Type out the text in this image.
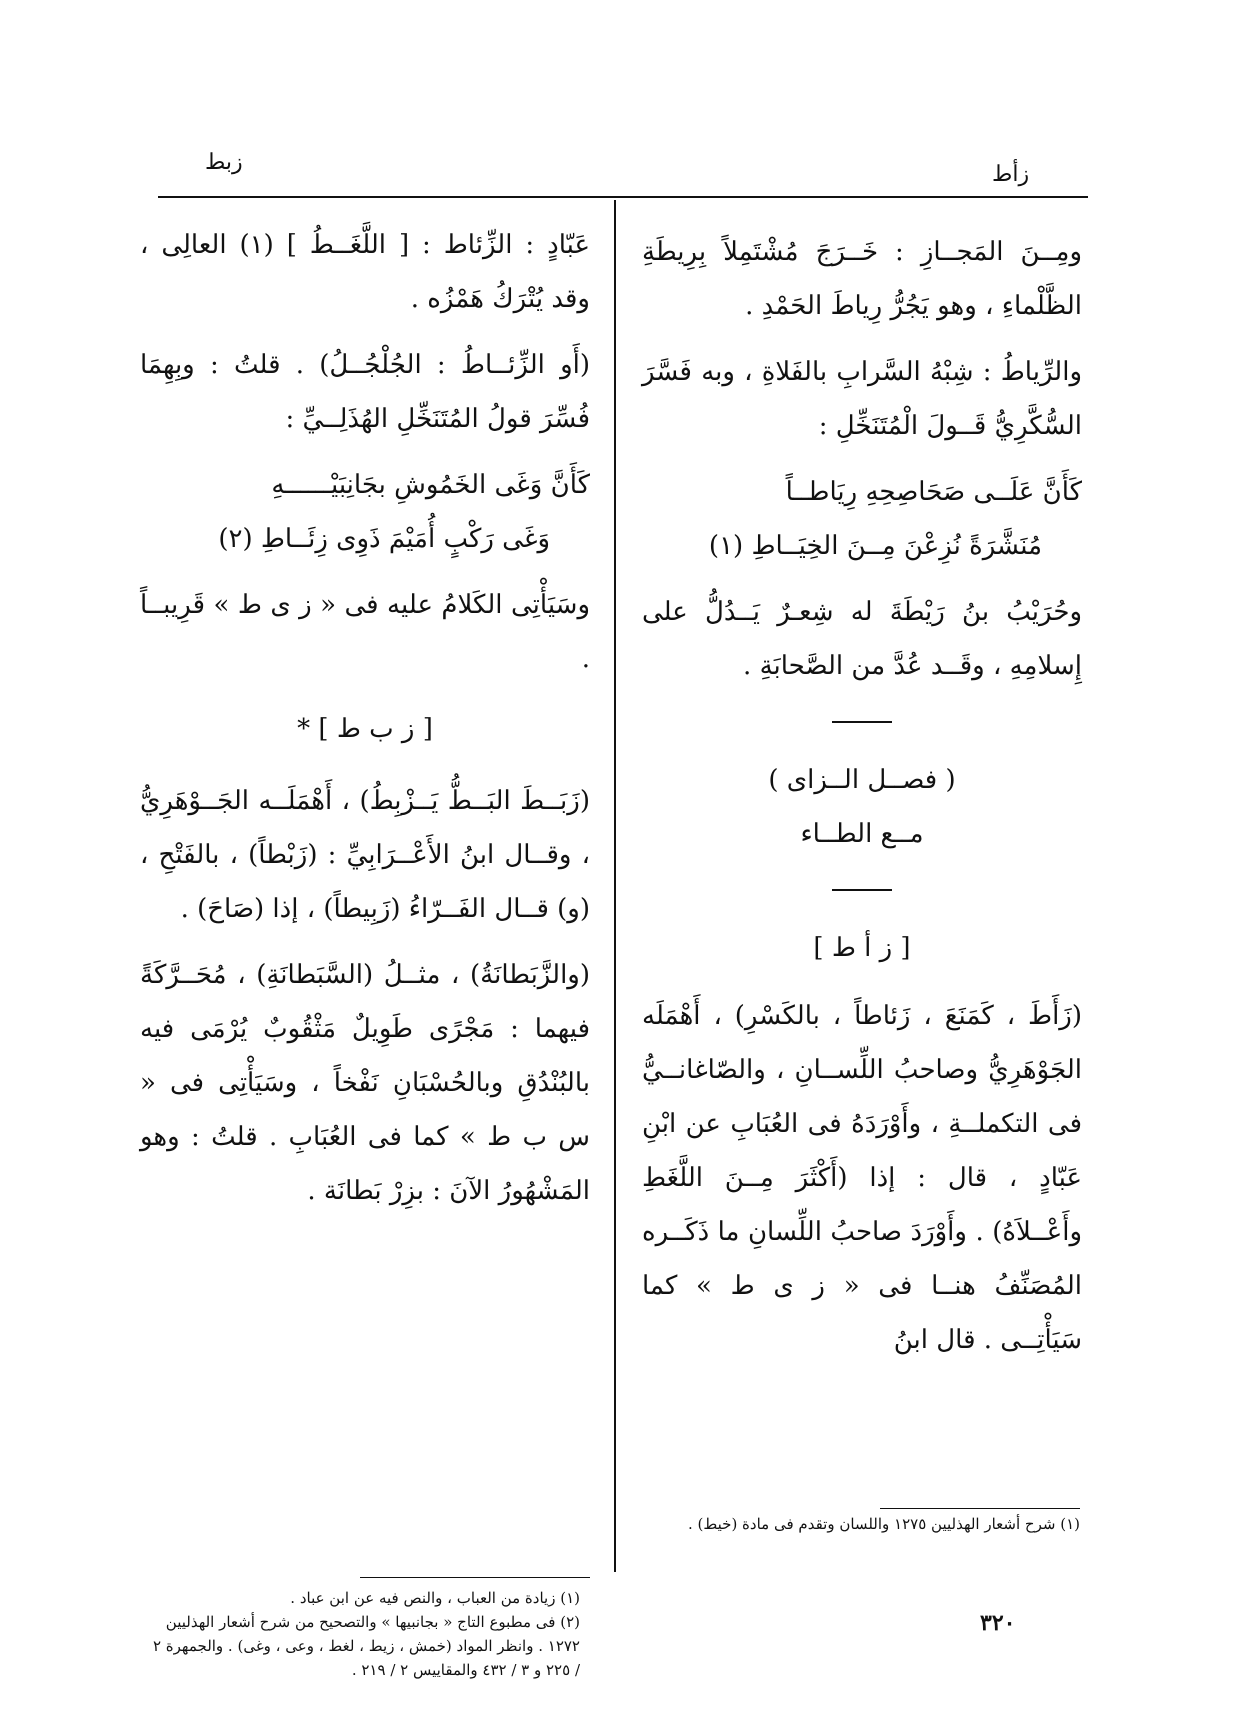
زبط	زأط

ومِــنَ المَجــازِ : خَــرَجَ مُشْتَمِلاً بِرِيطَةِ الظَّلْماءِ ، وهو يَجُرُّ رِياطَ الحَمْدِ .

والرِّياطُ : شِبْهُ السَّرابِ بالفَلاةِ ، وبه فَسَّرَ السُّكَّرِيُّ قَــولَ الْمُتَنَخِّلِ :

كَأَنَّ عَلَــى صَحَاصِحِهِ رِيَاطــاً

مُنَشَّرَةً نُزِعْنَ مِــنَ الخِيَــاطِ (١)

وحُرَيْبُ بنُ رَيْطَةَ له شِعـرٌ يَــدُلُّ على إِسلامِهِ ، وقَــد عُدَّ من الصَّحابَةِ .

( فصــل الــزاى )

مــع الطــاء

[ ز أ ط ]

(زَأَطَ ، كَمَنَعَ ، زَئاطاً ، بالكَسْرِ) ، أَهْمَلَه الجَوْهَرِيُّ وصاحبُ اللِّســانِ ، والصّاغانــيُّ فى التكملــةِ ، وأَوْرَدَهُ فى العُبَابِ عن ابْنِ عَبّادٍ ، قال : إذا (أَكْثَرَ مِــنَ اللَّغَطِ وأَعْــلاَهُ) . وأَوْرَدَ صاحبُ اللِّسانِ ما ذَكَــره المُصَنِّفُ هنــا فى « ز ى ط » كما سَيَأْتِــى . قال ابنُ

عَبّادٍ : الزِّئاط : [ اللَّغَــطُ ] (١) العالِى ، وقد يُتْرَكُ هَمْزُه .

(أَو الزِّئــاطُ : الجُلْجُــلُ) . قلتُ : وبِهِمَا فُسِّرَ قولُ المُتَنَخِّلِ الهُذَلِــيِّ :

كَأَنَّ وَغَى الخَمُوشِ بجَانِبَيْــــــهِ

وَغَى رَكْبٍ أُمَيْمَ ذَوِى زِئَــاطِ (٢)

وسَيَأْتِى الكَلامُ عليه فى « ز ى ط » قَرِيبــاً .

[ ز ب ط ] *

(زَبَــطَ البَــطُّ يَــزْبِطُ) ، أَهْمَلَــه الجَــوْهَرِيُّ ، وقــال ابنُ الأَعْــرَابِيِّ : (زَبْطاً) ، بالفَتْحِ ، (و) قــال الفَــرّاءُ (زَبِيطاً) ، إذا (صَاحَ) .

(والزَّبَطانَةُ) ، مثــلُ (السَّبَطانَةِ) ، مُحَــرَّكَةً فيهما : مَجْرًى طَوِيلٌ مَثْقُوبٌ يُرْمَى فيه بالبُنْدُقِ وبالحُسْبَانِ نَفْخاً ، وسَيَأْتِى فى « س ب ط » كما فى العُبَابِ . قلتُ : وهو المَشْهُورُ الآنَ : بزِرْ بَطانَة .

(١) زيادة من العباب ، والنص فيه عن ابن عباد .
(٢) فى مطبوع التاج « بجانبيها » والتصحيح من شرح أشعار الهذليين ١٢٧٢ . وانظر المواد (خمش ، زيط ، لغط ، وعى ، وغى) . والجمهرة ٢ / ٢٢٥ و ٣ / ٤٣٢ والمقاييس ٢ / ٢١٩ .
(١) شرح أشعار الهذليين ١٢٧٥ واللسان وتقدم فى مادة (خيط) .
٣٢٠
